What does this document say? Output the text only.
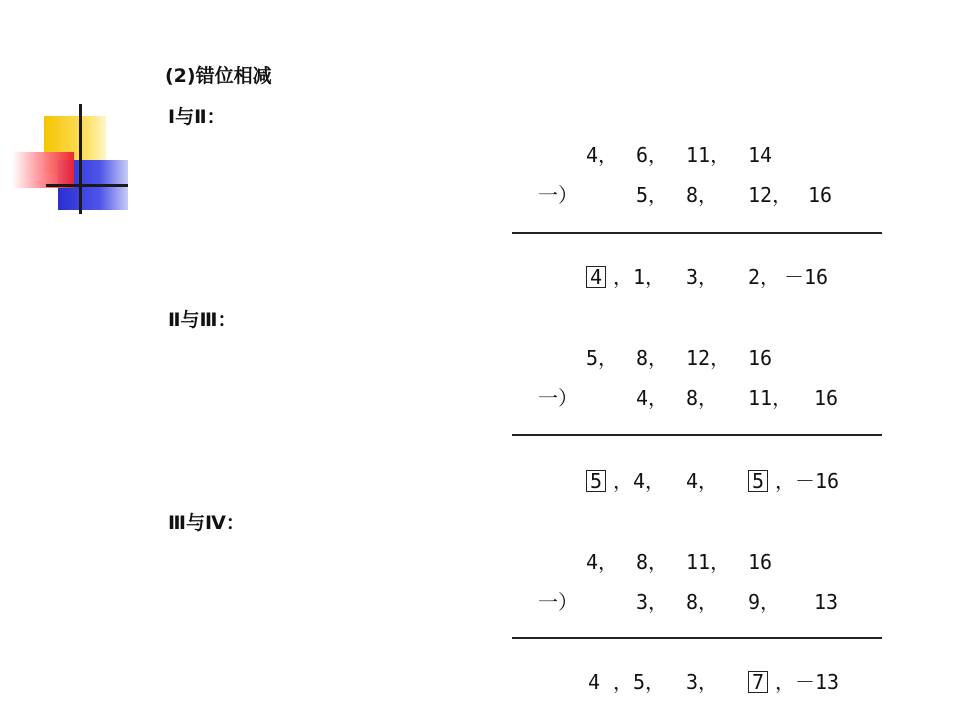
(2)错位相减
Ⅰ与Ⅱ：
4， 6， 11， 14
一）	5， 8， 12， 16
4 ，1， 3， 2， －16
Ⅱ与Ⅲ：
5， 8， 12， 16
一）	4， 8， 11， 16
5 ，4， 4， 5 ，－16
Ⅲ与Ⅳ：
4， 8， 11， 16
一）	3， 8， 9， 13
4 ，5， 3， 7 ，－13
